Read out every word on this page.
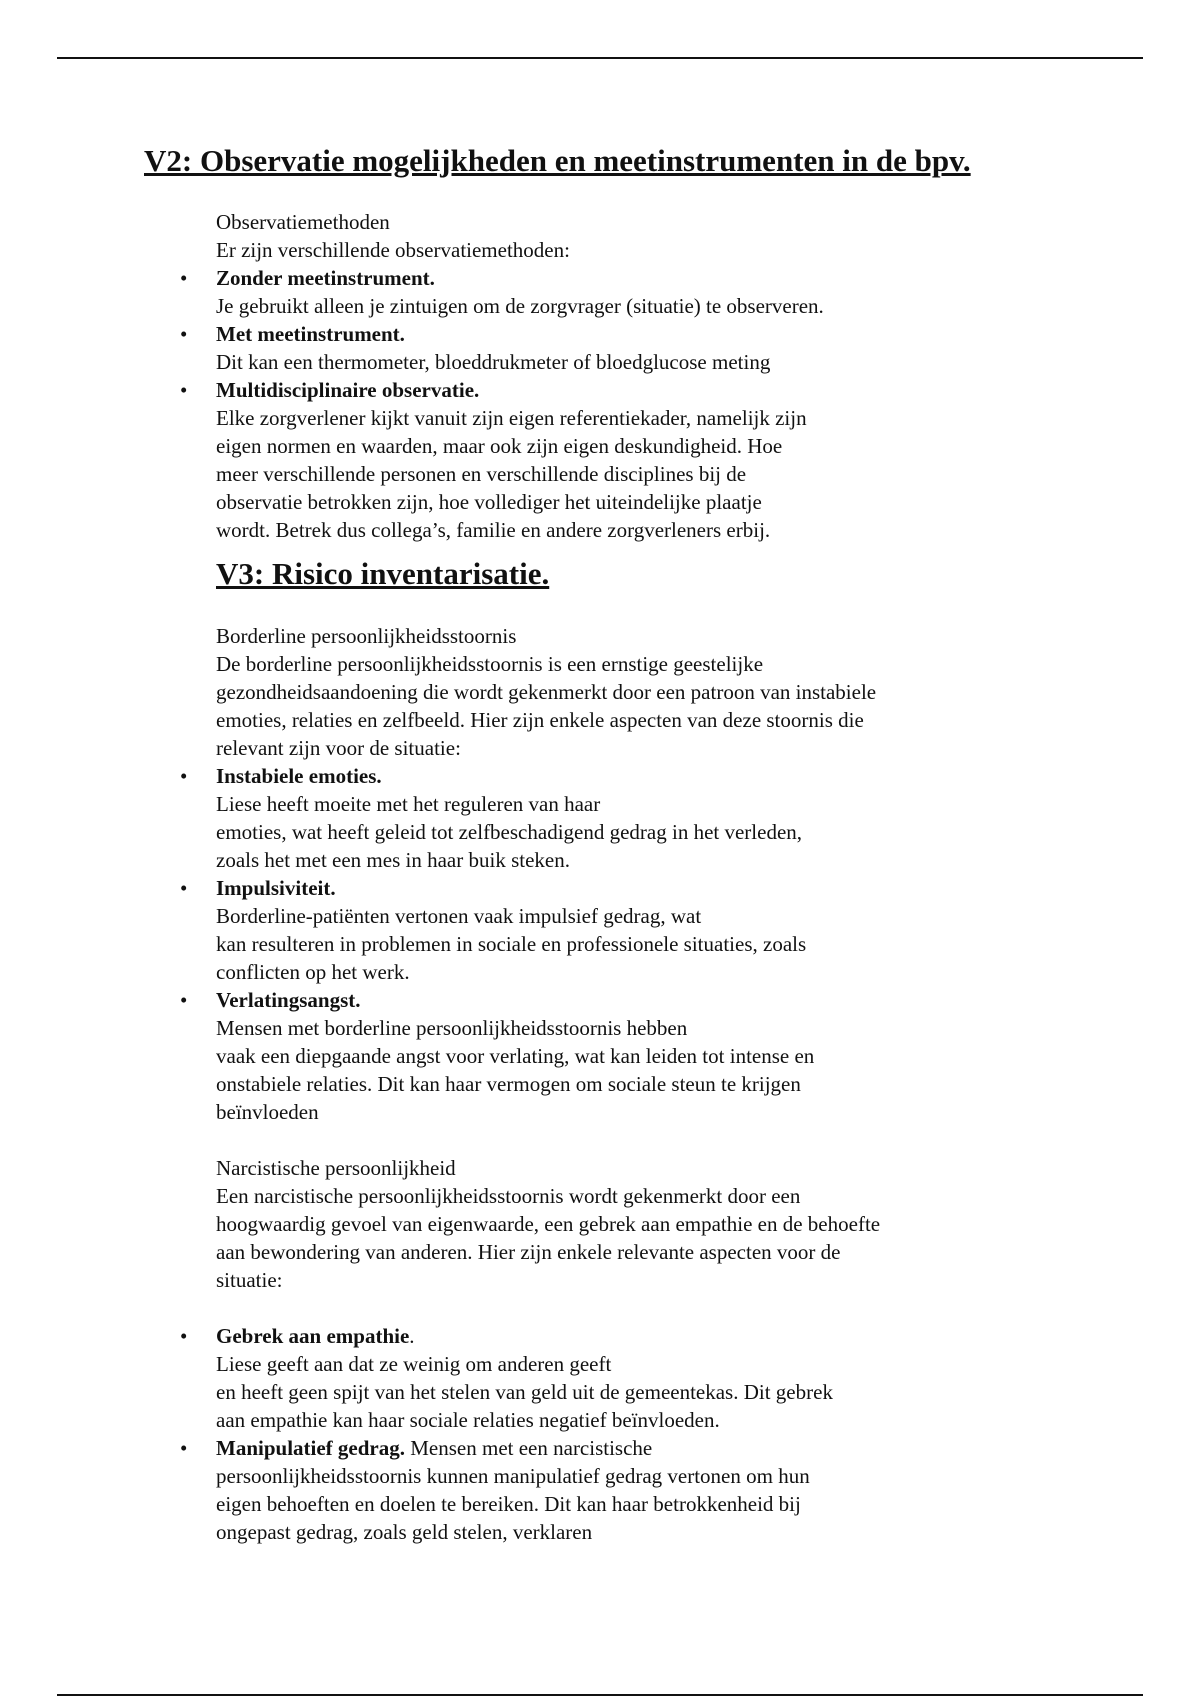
V2: Observatie mogelijkheden en meetinstrumenten in de bpv.

Observatiemethoden

Er zijn verschillende observatiemethoden:

• Zonder meetinstrument.

Je gebruikt alleen je zintuigen om de zorgvrager (situatie) te observeren.

• Met meetinstrument.

Dit kan een thermometer, bloeddrukmeter of bloedglucose meting

• Multidisciplinaire observatie.

Elke zorgverlener kijkt vanuit zijn eigen referentiekader, namelijk zijn

eigen normen en waarden, maar ook zijn eigen deskundigheid. Hoe

meer verschillende personen en verschillende disciplines bij de

observatie betrokken zijn, hoe vollediger het uiteindelijke plaatje

wordt. Betrek dus collega’s, familie en andere zorgverleners erbij.

V3: Risico inventarisatie.

Borderline persoonlijkheidsstoornis

De borderline persoonlijkheidsstoornis is een ernstige geestelijke

gezondheidsaandoening die wordt gekenmerkt door een patroon van instabiele

emoties, relaties en zelfbeeld. Hier zijn enkele aspecten van deze stoornis die

relevant zijn voor de situatie:

• Instabiele emoties.

Liese heeft moeite met het reguleren van haar

emoties, wat heeft geleid tot zelfbeschadigend gedrag in het verleden,

zoals het met een mes in haar buik steken.

• Impulsiviteit.

Borderline-patiënten vertonen vaak impulsief gedrag, wat

kan resulteren in problemen in sociale en professionele situaties, zoals

conflicten op het werk.

• Verlatingsangst.

Mensen met borderline persoonlijkheidsstoornis hebben

vaak een diepgaande angst voor verlating, wat kan leiden tot intense en

onstabiele relaties. Dit kan haar vermogen om sociale steun te krijgen

beïnvloeden

Narcistische persoonlijkheid

Een narcistische persoonlijkheidsstoornis wordt gekenmerkt door een

hoogwaardig gevoel van eigenwaarde, een gebrek aan empathie en de behoefte

aan bewondering van anderen. Hier zijn enkele relevante aspecten voor de

situatie:

• Gebrek aan empathie.

Liese geeft aan dat ze weinig om anderen geeft

en heeft geen spijt van het stelen van geld uit de gemeentekas. Dit gebrek

aan empathie kan haar sociale relaties negatief beïnvloeden.

• Manipulatief gedrag. Mensen met een narcistische

persoonlijkheidsstoornis kunnen manipulatief gedrag vertonen om hun

eigen behoeften en doelen te bereiken. Dit kan haar betrokkenheid bij

ongepast gedrag, zoals geld stelen, verklaren
